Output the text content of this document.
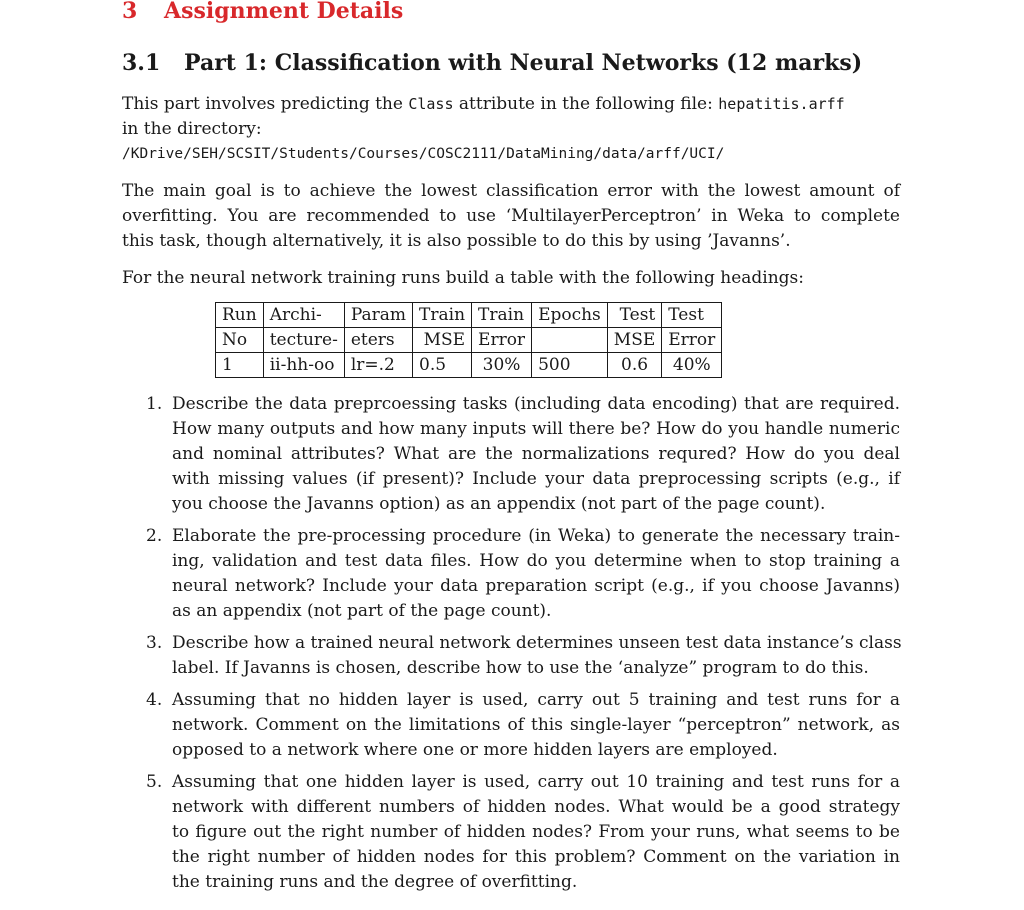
3 Assignment Details
3.1 Part 1: Classification with Neural Networks (12 marks)
This part involves predicting the Class attribute in the following file: hepatitis.arff
in the directory:
/KDrive/SEH/SCSIT/Students/Courses/COSC2111/DataMining/data/arff/UCI/
The main goal is to achieve the lowest classification error with the lowest amount of
overfitting. You are recommended to use ‘MultilayerPerceptron’ in Weka to complete
this task, though alternatively, it is also possible to do this by using ’Javanns’.
For the neural network training runs build a table with the following headings:
Run	Archi-	Param	Train	Train	Epochs	Test	Test
No	tecture-	eters	MSE	Error		MSE	Error
1	ii-hh-oo	lr=.2	0.5	30%	500	0.6	40%
1. Describe the data preprcoessing tasks (including data encoding) that are required.
How many outputs and how many inputs will there be? How do you handle numeric
and nominal attributes? What are the normalizations requred? How do you deal
with missing values (if present)? Include your data preprocessing scripts (e.g., if
you choose the Javanns option) as an appendix (not part of the page count).
2. Elaborate the pre-processing procedure (in Weka) to generate the necessary train-
ing, validation and test data files. How do you determine when to stop training a
neural network? Include your data preparation script (e.g., if you choose Javanns)
as an appendix (not part of the page count).
3. Describe how a trained neural network determines unseen test data instance’s class
label. If Javanns is chosen, describe how to use the ‘analyze” program to do this.
4. Assuming that no hidden layer is used, carry out 5 training and test runs for a
network. Comment on the limitations of this single-layer “perceptron” network, as
opposed to a network where one or more hidden layers are employed.
5. Assuming that one hidden layer is used, carry out 10 training and test runs for a
network with different numbers of hidden nodes. What would be a good strategy
to figure out the right number of hidden nodes? From your runs, what seems to be
the right number of hidden nodes for this problem? Comment on the variation in
the training runs and the degree of overfitting.
